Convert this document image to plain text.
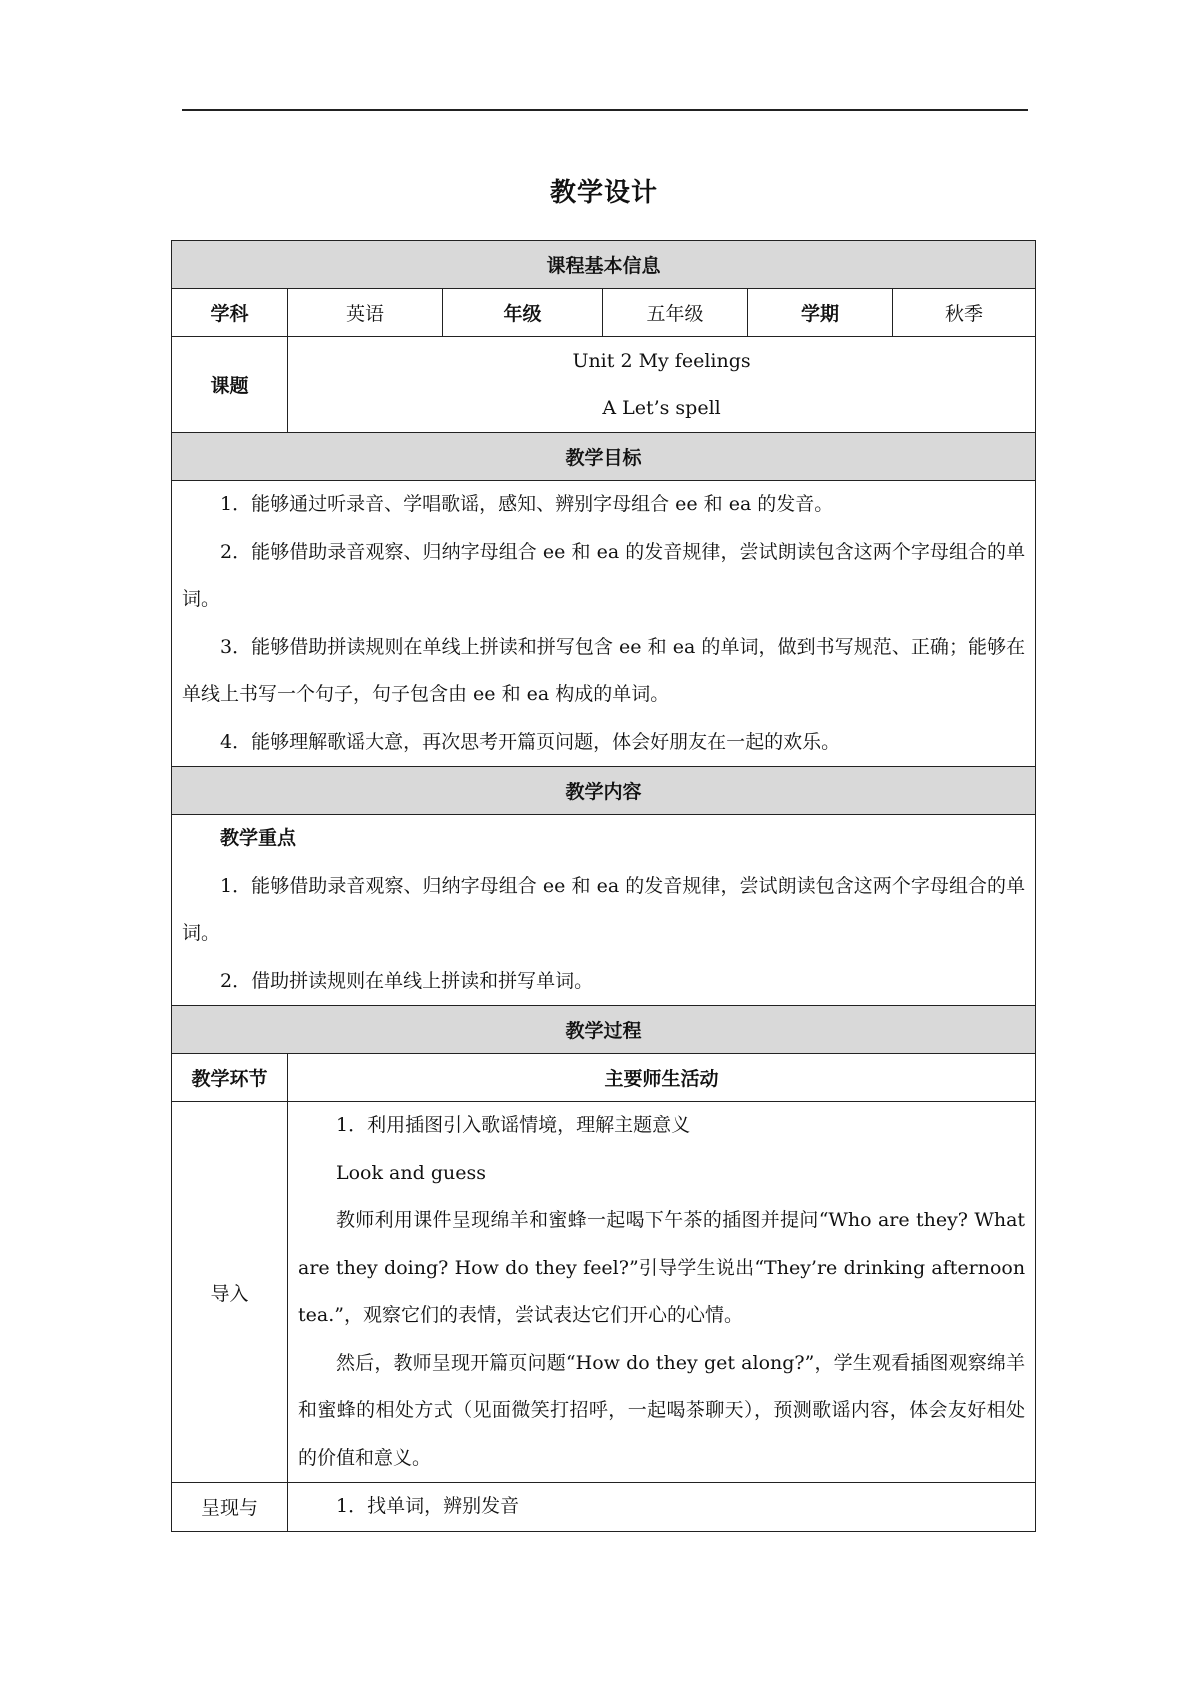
教学设计
课程基本信息					
学科	英语	年级	五年级	学期	秋季
课题	Unit 2 My feelings
A Let’s spell				

教学目标					

1．能够通过听录音、学唱歌谣，感知、辨别字母组合 ee 和 ea 的发音。

2．能够借助录音观察、归纳字母组合 ee 和 ea 的发音规律，尝试朗读包含这两个字母组合的单词。

3．能够借助拼读规则在单线上拼读和拼写包含 ee 和 ea 的单词，做到书写规范、正确；能够在单线上书写一个句子，句子包含由 ee 和 ea 构成的单词。

4．能够理解歌谣大意，再次思考开篇页问题，体会好朋友在一起的欢乐。					

教学内容					

教学重点

1．能够借助录音观察、归纳字母组合 ee 和 ea 的发音规律，尝试朗读包含这两个字母组合的单词。

2．借助拼读规则在单线上拼读和拼写单词。					

教学过程					
教学环节	主要师生活动				
导入	1．利用插图引入歌谣情境，理解主题意义

Look and guess

教师利用课件呈现绵羊和蜜蜂一起喝下午茶的插图并提问“Who are they? What are they doing? How do they feel?”引导学生说出“They’re drinking afternoon tea.”，观察它们的表情，尝试表达它们开心的心情。

然后，教师呈现开篇页问题“How do they get along?”，学生观看插图观察绵羊和蜜蜂的相处方式（见面微笑打招呼，一起喝茶聊天），预测歌谣内容，体会友好相处的价值和意义。				

呈现与	1．找单词，辨别发音				
